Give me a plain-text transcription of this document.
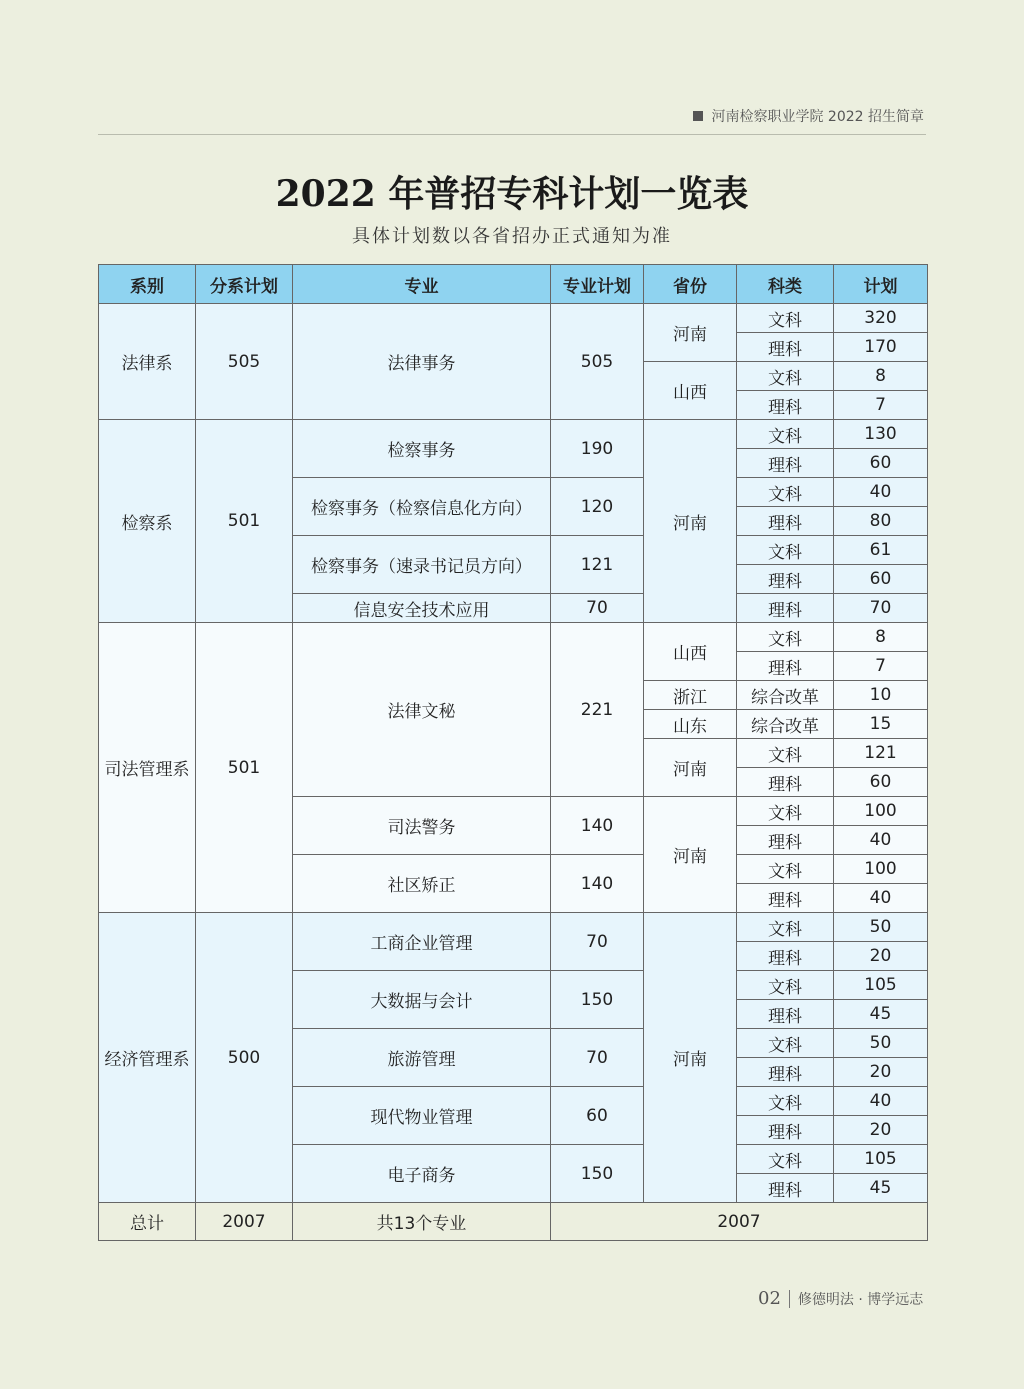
河南检察职业学院 2022 招生简章
2022 年普招专科计划一览表
具体计划数以各省招办正式通知为准
系别	分系计划	专业	专业计划	省份	科类	计划
法律系	505	法律事务	505	河南	文科	320
					理科	170
				山西	文科	8
					理科	7
检察系	501	检察事务	190	河南	文科	130
					理科	60
		检察事务（检察信息化方向）	120		文科	40
					理科	80
		检察事务（速录书记员方向）	121		文科	61
					理科	60
		信息安全技术应用	70		理科	70
司法管理系	501	法律文秘	221	山西	文科	8
					理科	7
				浙江	综合改革	10
				山东	综合改革	15
				河南	文科	121
					理科	60
		司法警务	140	河南	文科	100
					理科	40
		社区矫正	140		文科	100
					理科	40
经济管理系	500	工商企业管理	70	河南	文科	50
					理科	20
		大数据与会计	150		文科	105
					理科	45
		旅游管理	70		文科	50
					理科	20
		现代物业管理	60		文科	40
					理科	20
		电子商务	150		文科	105
					理科	45
总计	2007	共13个专业	2007			
02 修德明法 · 博学远志
